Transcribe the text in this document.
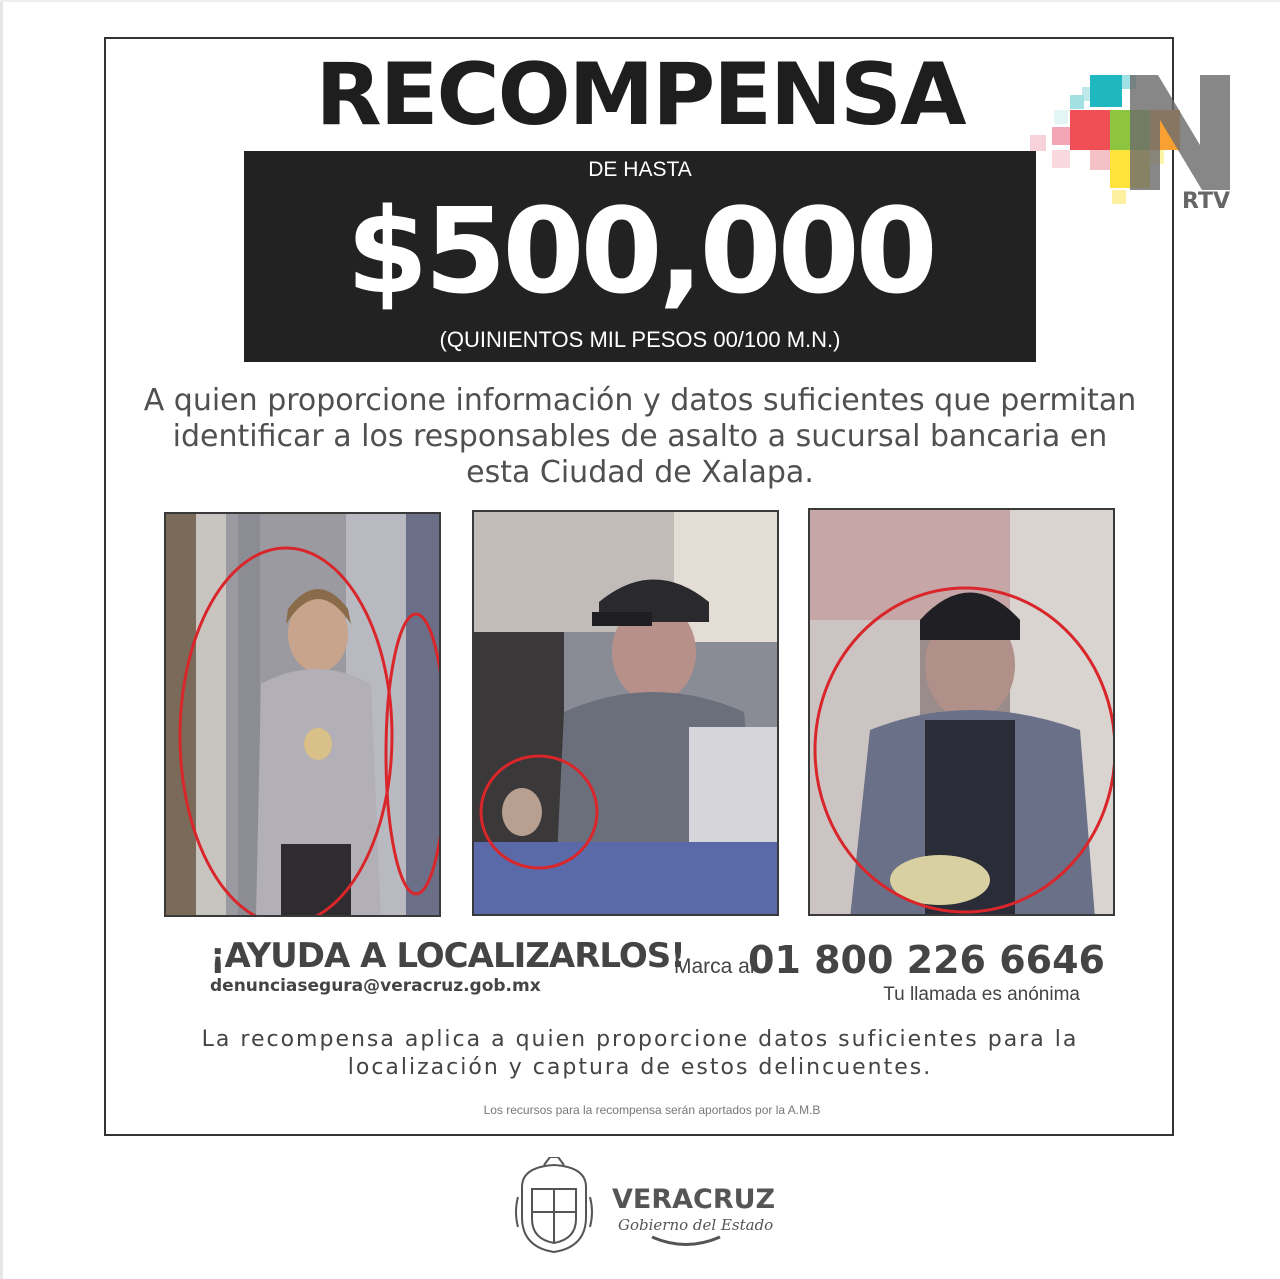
RECOMPENSA
RTV
DE HASTA
$500,000
(QUINIENTOS MIL PESOS 00/100 M.N.)
A quien proporcione información y datos suficientes que permitan identificar a los responsables de asalto a sucursal bancaria en esta Ciudad de Xalapa.
¡AYUDA A LOCALIZARLOS!
denunciasegura@veracruz.gob.mx
Marca al
01 800 226 6646
Tu llamada es anónima
La recompensa aplica a quien proporcione datos suficientes para la localización y captura de estos delincuentes.
Los recursos para la recompensa serán aportados por la A.M.B
VERACRUZ
Gobierno del Estado
